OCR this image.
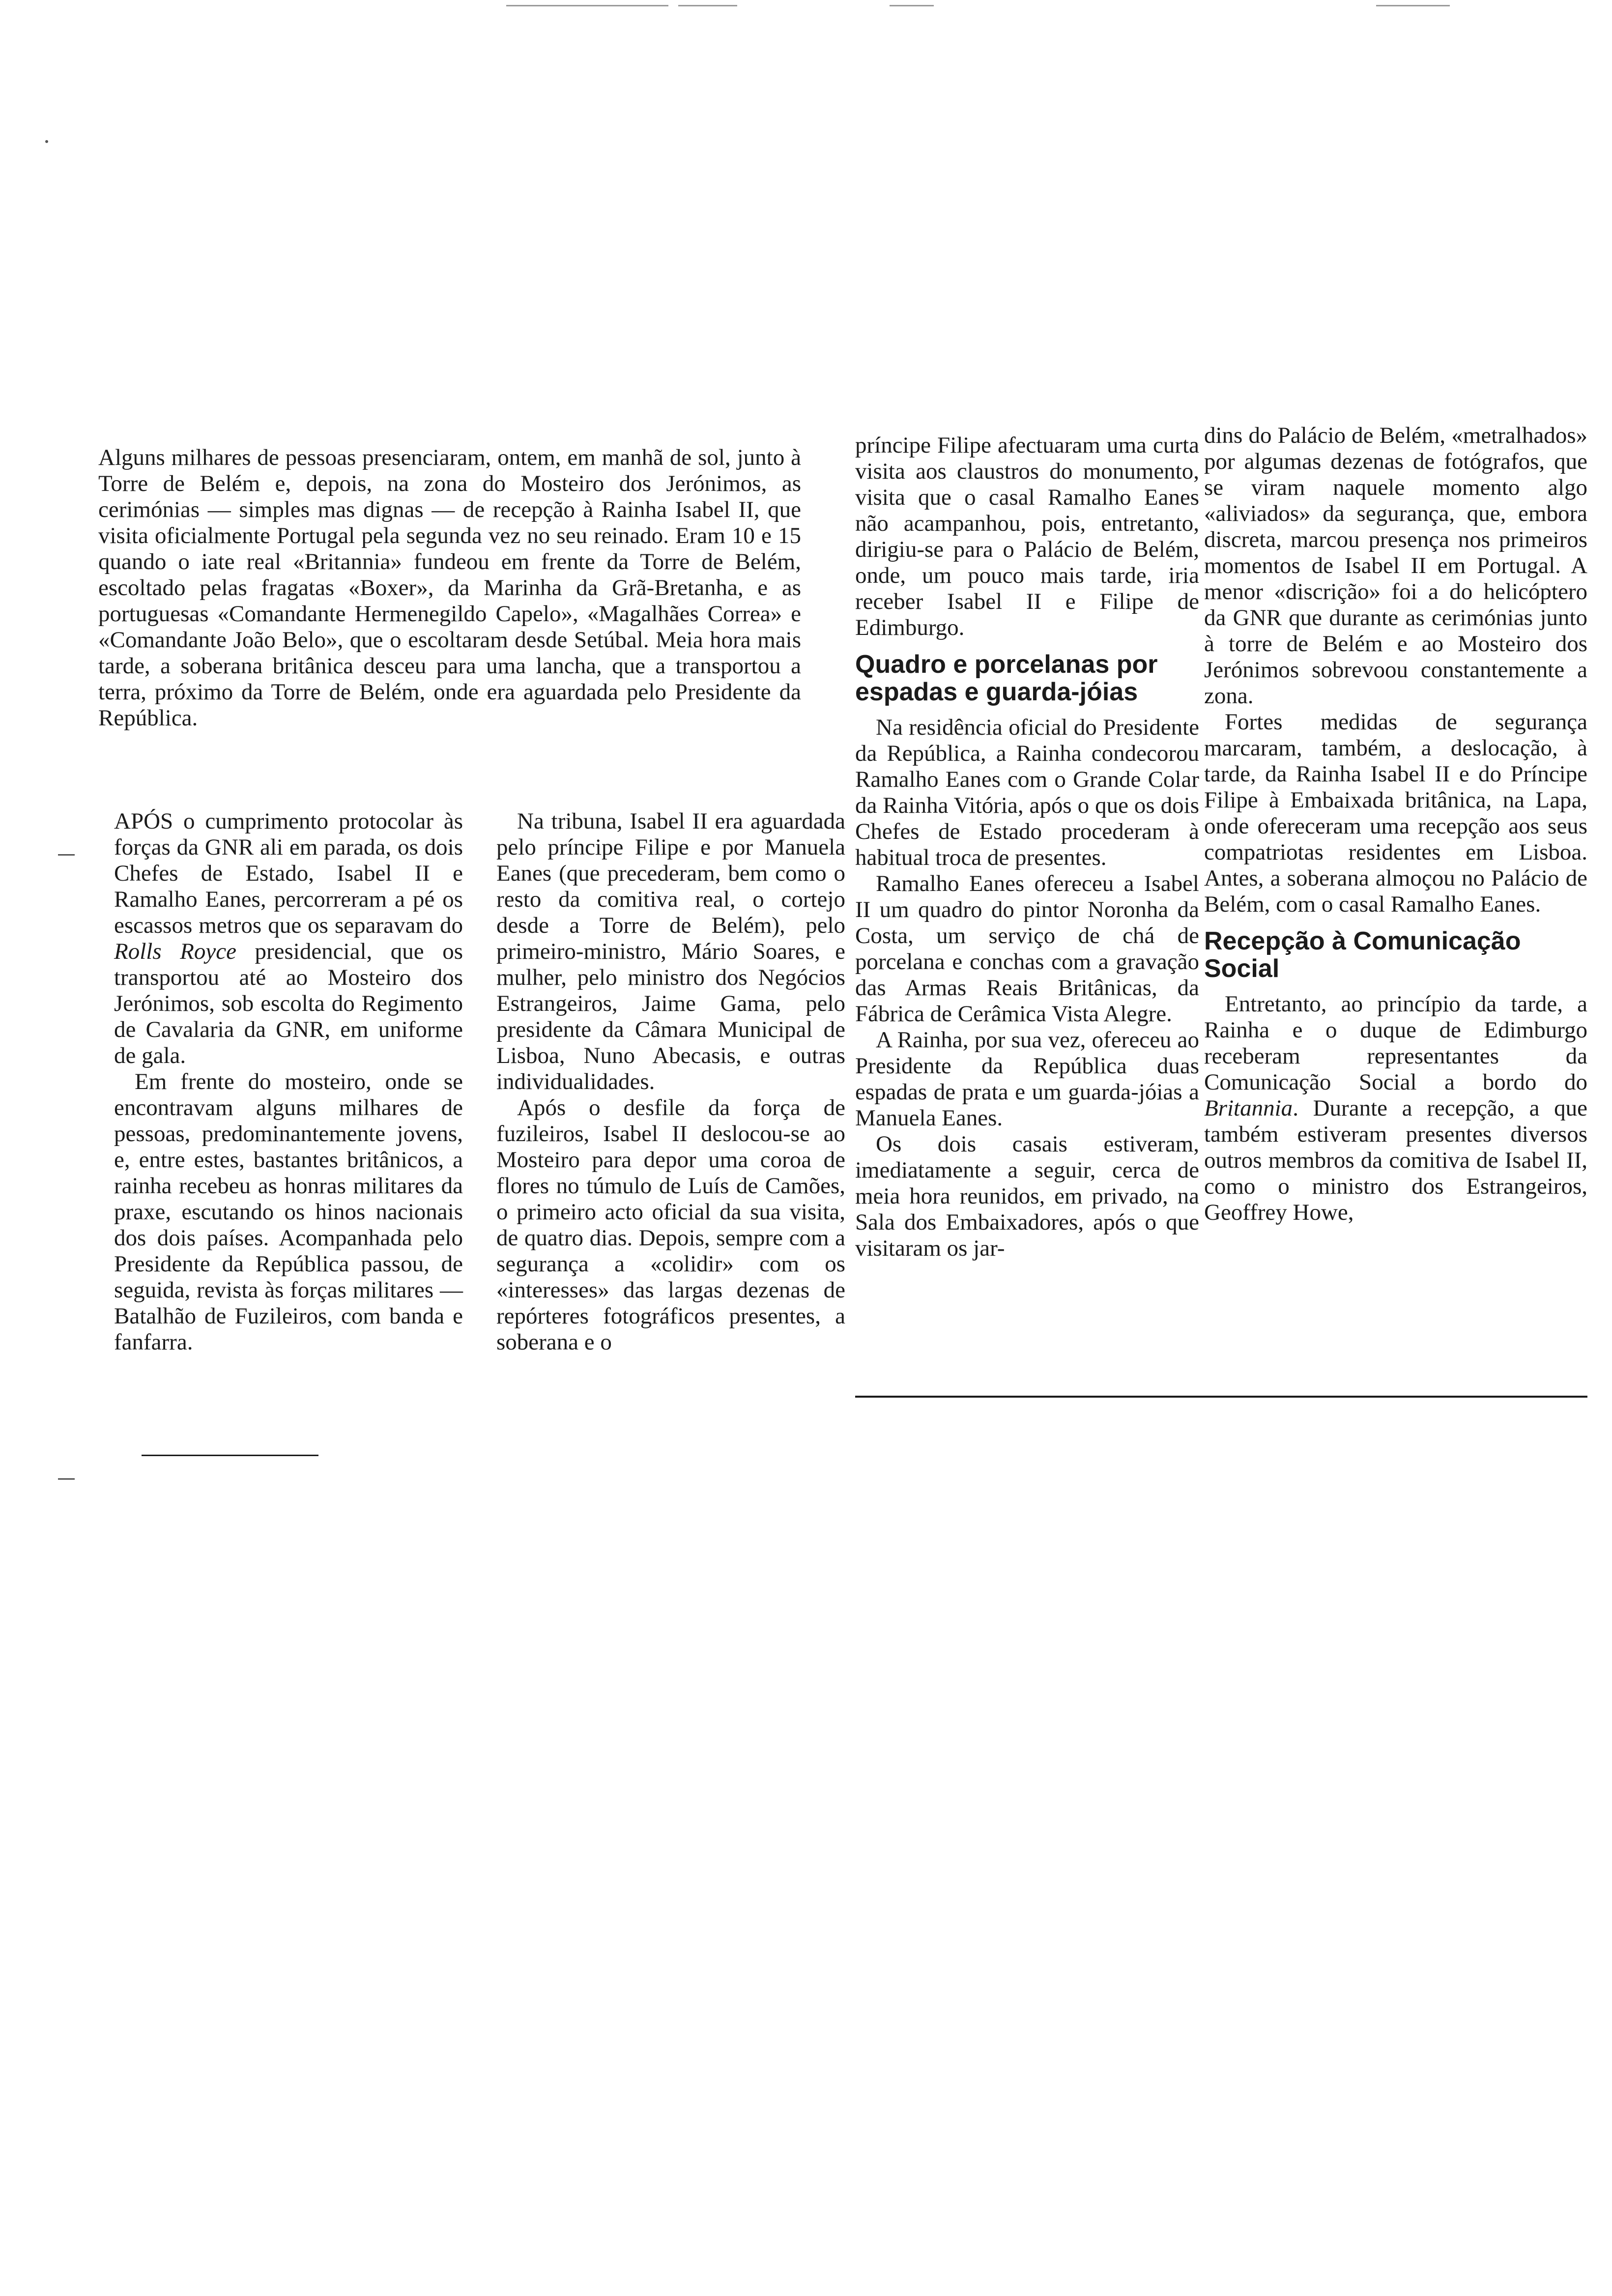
Alguns milhares de pessoas presenciaram, ontem, em manhã de sol, junto à Torre de Belém e, depois, na zona do Mosteiro dos Jerónimos, as cerimónias — simples mas dignas — de recepção à Rainha Isabel II, que visita oficialmente Portugal pela segunda vez no seu reinado. Eram 10 e 15 quando o iate real «Britannia» fundeou em frente da Torre de Belém, escoltado pelas fragatas «Boxer», da Marinha da Grã-Bretanha, e as portuguesas «Comandante Hermenegildo Capelo», «Magalhães Correa» e «Comandante João Belo», que o escoltaram desde Setúbal. Meia hora mais tarde, a soberana britânica desceu para uma lancha, que a transportou a terra, próximo da Torre de Belém, onde era aguardada pelo Presidente da República.

APÓS o cumprimento protocolar às forças da GNR ali em parada, os dois Chefes de Estado, Isabel II e Ramalho Eanes, percorreram a pé os escassos metros que os separavam do Rolls Royce presidencial, que os transportou até ao Mosteiro dos Jerónimos, sob escolta do Regimento de Cavalaria da GNR, em uniforme de gala.

Em frente do mosteiro, onde se encontravam alguns milhares de pessoas, predominantemente jovens, e, entre estes, bastantes britânicos, a rainha recebeu as honras militares da praxe, escutando os hinos nacionais dos dois países. Acompanhada pelo Presidente da República passou, de seguida, revista às forças militares — Batalhão de Fuzileiros, com banda e fanfarra.

Na tribuna, Isabel II era aguardada pelo príncipe Filipe e por Manuela Eanes (que precederam, bem como o resto da comitiva real, o cortejo desde a Torre de Belém), pelo primeiro-ministro, Mário Soares, e mulher, pelo ministro dos Negócios Estrangeiros, Jaime Gama, pelo presidente da Câmara Municipal de Lisboa, Nuno Abecasis, e outras individualidades.

Após o desfile da força de fuzileiros, Isabel II deslocou-se ao Mosteiro para depor uma coroa de flores no túmulo de Luís de Camões, o primeiro acto oficial da sua visita, de quatro dias. Depois, sempre com a segurança a «colidir» com os «interesses» das largas dezenas de repórteres fotográficos presentes, a soberana e o

príncipe Filipe afectuaram uma curta visita aos claustros do monumento, visita que o casal Ramalho Eanes não acampanhou, pois, entretanto, dirigiu-se para o Palácio de Belém, onde, um pouco mais tarde, iria receber Isabel II e Filipe de Edimburgo.

Quadro e porcelanas por espadas e guarda-jóias

Na residência oficial do Presidente da República, a Rainha condecorou Ramalho Eanes com o Grande Colar da Rainha Vitória, após o que os dois Chefes de Estado procederam à habitual troca de presentes.

Ramalho Eanes ofereceu a Isabel II um quadro do pintor Noronha da Costa, um serviço de chá de porcelana e conchas com a gravação das Armas Reais Britânicas, da Fábrica de Cerâmica Vista Alegre.

A Rainha, por sua vez, ofereceu ao Presidente da República duas espadas de prata e um guarda-jóias a Manuela Eanes.

Os dois casais estiveram, imediatamente a seguir, cerca de meia hora reunidos, em privado, na Sala dos Embaixadores, após o que visitaram os jar-

dins do Palácio de Belém, «metralhados» por algumas dezenas de fotógrafos, que se viram naquele momento algo «aliviados» da segurança, que, embora discreta, marcou presença nos primeiros momentos de Isabel II em Portugal. A menor «discrição» foi a do helicóptero da GNR que durante as cerimónias junto à torre de Belém e ao Mosteiro dos Jerónimos sobrevoou constantemente a zona.

Fortes medidas de segurança marcaram, também, a deslocação, à tarde, da Rainha Isabel II e do Príncipe Filipe à Embaixada britânica, na Lapa, onde ofereceram uma recepção aos seus compatriotas residentes em Lisboa. Antes, a soberana almoçou no Palácio de Belém, com o casal Ramalho Eanes.

Recepção à Comunicação Social

Entretanto, ao princípio da tarde, a Rainha e o duque de Edimburgo receberam representantes da Comunicação Social a bordo do Britannia. Durante a recepção, a que também estiveram presentes diversos outros membros da comitiva de Isabel II, como o ministro dos Estrangeiros, Geoffrey Howe,
